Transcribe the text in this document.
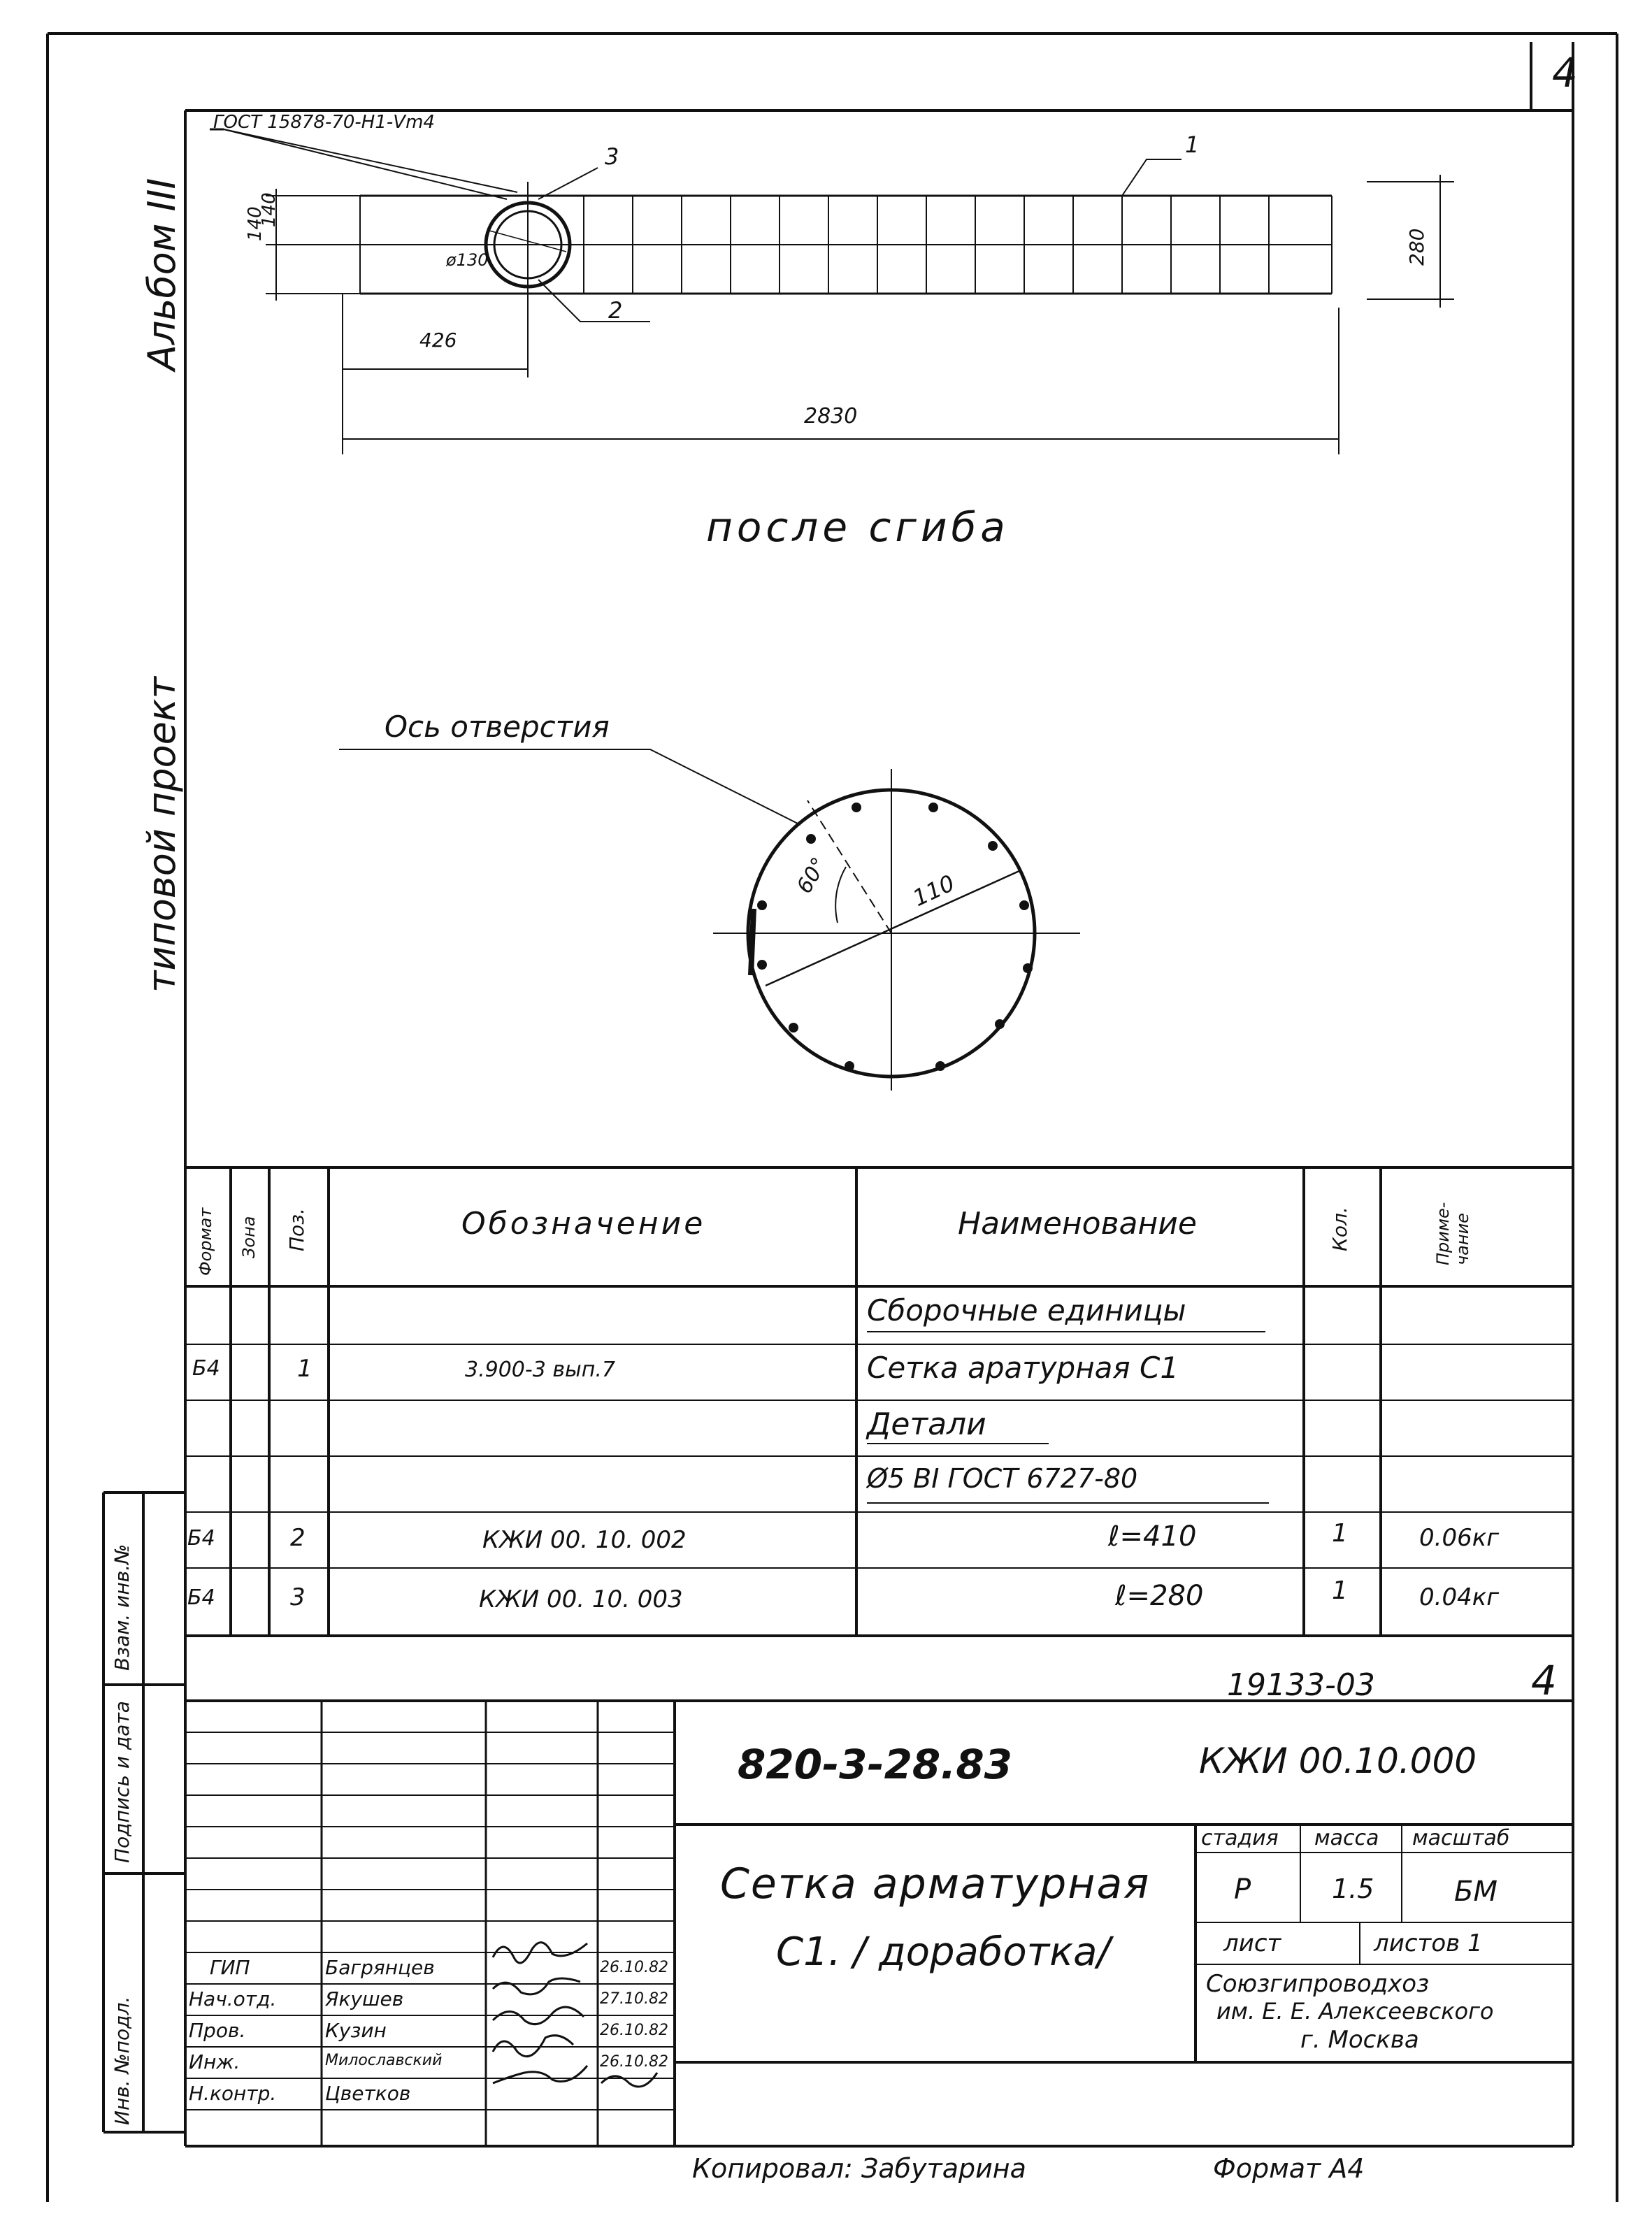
4
Альбом III
типовой проект
ГОСТ 15878-70-Н1-Vm4
3	1
2
140
140
280
ø130
426
2830
после сгиба
Ось отверстия
60°	110
Формат Зона Поз.	Обозначение	Наименование	Кол.	Приме-чание
Сборочные единицы
Б4	1	3.900-3 вып.7	Сетка аратурная С1
Детали
Ø5 BI ГОСТ 6727-80
Б4	2	КЖИ 00. 10. 002	ℓ=410	1	0.06кг
Б4	3	КЖИ 00. 10. 003	ℓ=280	1	0.04кг
Взам. инв.№
Подпись и дата
Инв. №подл.
19133-03	4
820-3-28.83	КЖИ 00.10.000
Сетка арматурная
С1. / доработка/
стадия масса масштаб
Р	1.5	БМ
лист	листов 1
Союзгипроводхоз
им. Е. Е. Алексеевского
г. Москва
ГИП	Багрянцев	26.10.82
Нач.отд. Якушев	27.10.82
Пров.	Кузин	26.10.82
Инж.	Милославский	26.10.82
Н.контр. Цветков
Копировал: Забутарина	Формат А4
